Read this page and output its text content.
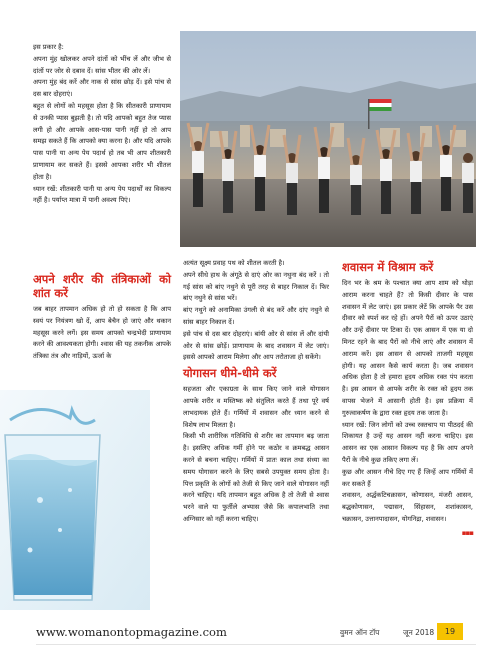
इस प्रकार है:

अपना मुंह खोलकर अपने दांतों को भींच लें और जीभ से दांतों पर जोर से दबाव दें। सांस भीतर की ओर लें।

अपना मुंह बंद करें और नाक से सांस छोड़ दें। इसे पांच से दस बार दोहराएं।

बहुत से लोगों को महसूस होता है कि सीतकारी प्राणायाम से उनकी प्यास बुझती है। तो यदि आपको बहुत तेज प्यास लगी हो और आपके आस-पास पानी नहीं हो तो आप समझ सकते हैं कि आपको क्या करना है। और यदि आपके पास पानी या अन्य पेय पदार्थ हो तब भी आप शीतकारी प्राणायाम कर सकते हैं। इससे आपका शरीर भी शीतल होता है।

ध्यान रखें: शीतकारी पानी या अन्य पेय पदार्थों का विकल्प नहीं है। पर्याप्त मात्रा में पानी अवश्य पिएं।

अपने शरीर की तंत्रिकाओं को शांत करें

जब बाहर तापमान अधिक हो तो हो सकता है कि आप स्वयं पर नियंत्रण खो दें, आप बेचैन हो जाएं और थकान महसूस करने लगें। इस समय आपको चन्द्रभेदी प्राणायाम करने की आवश्यकता होगी। श्वास की यह तकनीक आपके तंत्रिका तंत्र और नाड़ियों, ऊर्जा के

अत्यंत सूक्ष्म प्रवाह पथ को शीतल करती है।

अपने सीधे हाथ के अंगूठे से दाएं ओर का नथुना बंद करें । तो गई सांस को बांए नथुने से पूरी तरह से बाहर निकाल दें। फिर बांए नथुने से सांस भरें।

बांए नथुने को अनामिका उंगली से बंद करें और दांए नथुने से सांस बाहर निकाल दें।

इसे पांच से दस बार दोहराएं। बांयी ओर से सांस लें और दांयी ओर से सांस छोड़ें। प्राणायाम के बाद शवासन में लेट जाएं। इससे आपको आराम मिलेगा और आप तरोताजा हो सकेंगे।

योगासन धीमे-धीमे करें

सहजता और एकाग्रता के साथ किए जाने वाले योगासन आपके शरीर व मस्तिष्क को संतुलित करते हैं तथा पूरे वर्ष लाभदायक होते हैं। गर्मियों में शवासन और ध्यान करने से विशेष लाभ मिलता है।

किसी भी शारीरिक गतिविधि से शरीर का तापमान बढ़ जाता है। इसलिए अधिक गर्मी होने पर कठोर व क्रमबद्ध आसन करने से बचना चाहिए। गर्मियों में प्रातः काल तथा संध्या का समय योगासन करने के लिए सबसे उपयुक्त समय होता है। पित्त प्रकृति के लोगों को तेजी से किए जाने वाले योगासन नहीं करने चाहिए। यदि तापमान बहुत अधिक है तो तेजी से श्वास भरने वाले या फुर्तीले अभ्यास जैसे कि कपालभाति तथा अग्निसार को नहीं करना चाहिए।

शवासन में विश्राम करें

दिन भर के श्रम के पश्चात क्या आप शाम को थोड़ा आराम करना चाहते हैं? तो किसी दीवार के पास शवासन में लेट जाएं। इस प्रकार लेटें कि आपके पैर उस दीवार को स्पर्श कर रहे हों। अपने पैरों को ऊपर उठाएं और उन्हें दीवार पर टिका दें। एक आसन में एक या दो मिनट रहने के बाद पैरों को नीचे लाएं और शवासन में आराम करें। इस आसन से आपको ताजगी महसूस होगी। यह आसन कैसे कार्य करता है। जब शवासन अधिक होता है तो हमारा हृदय अधिक रक्त पंप करता है। इस आसन से आपके शरीर के रक्त को हृदय तक वापस भेजने में आसानी होती है। इस प्रक्रिया में गुरुत्वाकर्षण के द्वारा रक्त हृदय तक जाता है।

ध्यान रखें: जिन लोगों को उच्च रक्तचाप या पीठदर्द की शिकायत है उन्हें यह आसन नहीं करना चाहिए। इस आसन का एक आसान विकल्प यह है कि आप अपने पैरों के नीचे कुछ तकिए लगा लें।

कुछ और आसन नीचे दिए गए हैं जिन्हें आप गर्मियों में कर सकते हैं

शवासन, अर्द्धकटिचक्रासन, कोणासन, मंजरी आसन, बद्धकोणासन, पद्मासन, सिंहासन, शशांकासन, चक्रासन, उत्तानपादासन, योगनिद्रा, शवासन।

▪▪▪

www.womanontopmagazine.com	वुमन ऑन टॉप	जून 2018	19
